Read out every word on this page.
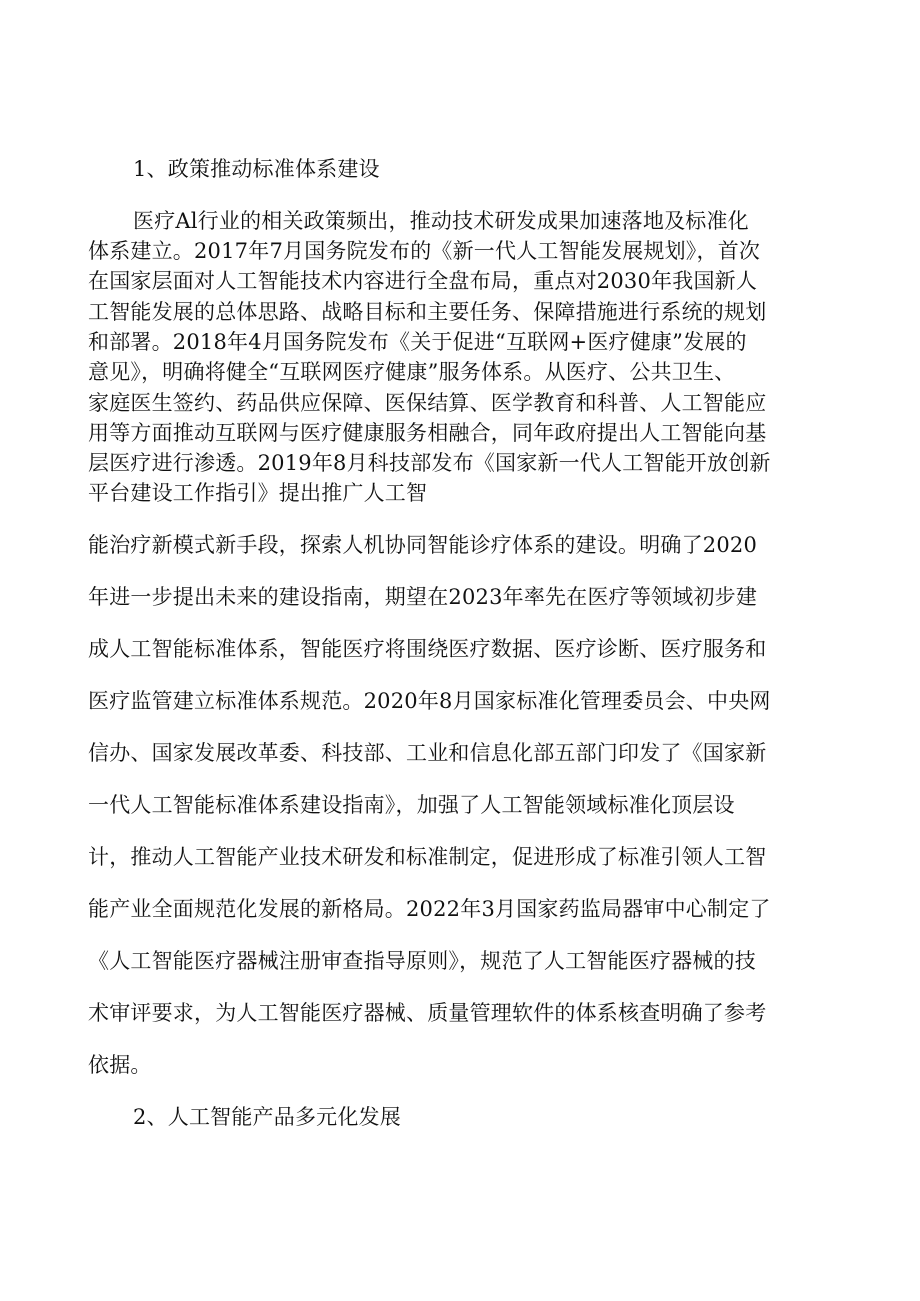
1、政策推动标准体系建设
医疗Al行业的相关政策频出，推动技术研发成果加速落地及标准化
体系建立。2017年7月国务院发布的《新一代人工智能发展规划》，首次
在国家层面对人工智能技术内容进行全盘布局，重点对2030年我国新人
工智能发展的总体思路、战略目标和主要任务、保障措施进行系统的规划
和部署。2018年4月国务院发布《关于促进“互联网+医疗健康”发展的
意见》，明确将健全“互联网医疗健康”服务体系。从医疗、公共卫生、
家庭医生签约、药品供应保障、医保结算、医学教育和科普、人工智能应
用等方面推动互联网与医疗健康服务相融合，同年政府提出人工智能向基
层医疗进行渗透。2019年8月科技部发布《国家新一代人工智能开放创新
平台建设工作指引》提出推广人工智
能治疗新模式新手段，探索人机协同智能诊疗体系的建设。明确了2020
年进一步提出未来的建设指南，期望在2023年率先在医疗等领域初步建
成人工智能标准体系，智能医疗将围绕医疗数据、医疗诊断、医疗服务和
医疗监管建立标准体系规范。2020年8月国家标准化管理委员会、中央网
信办、国家发展改革委、科技部、工业和信息化部五部门印发了《国家新
一代人工智能标准体系建设指南》，加强了人工智能领域标准化顶层设
计，推动人工智能产业技术研发和标准制定，促进形成了标准引领人工智
能产业全面规范化发展的新格局。2022年3月国家药监局器审中心制定了
《人工智能医疗器械注册审查指导原则》，规范了人工智能医疗器械的技
术审评要求，为人工智能医疗器械、质量管理软件的体系核查明确了参考
依据。
2、人工智能产品多元化发展
